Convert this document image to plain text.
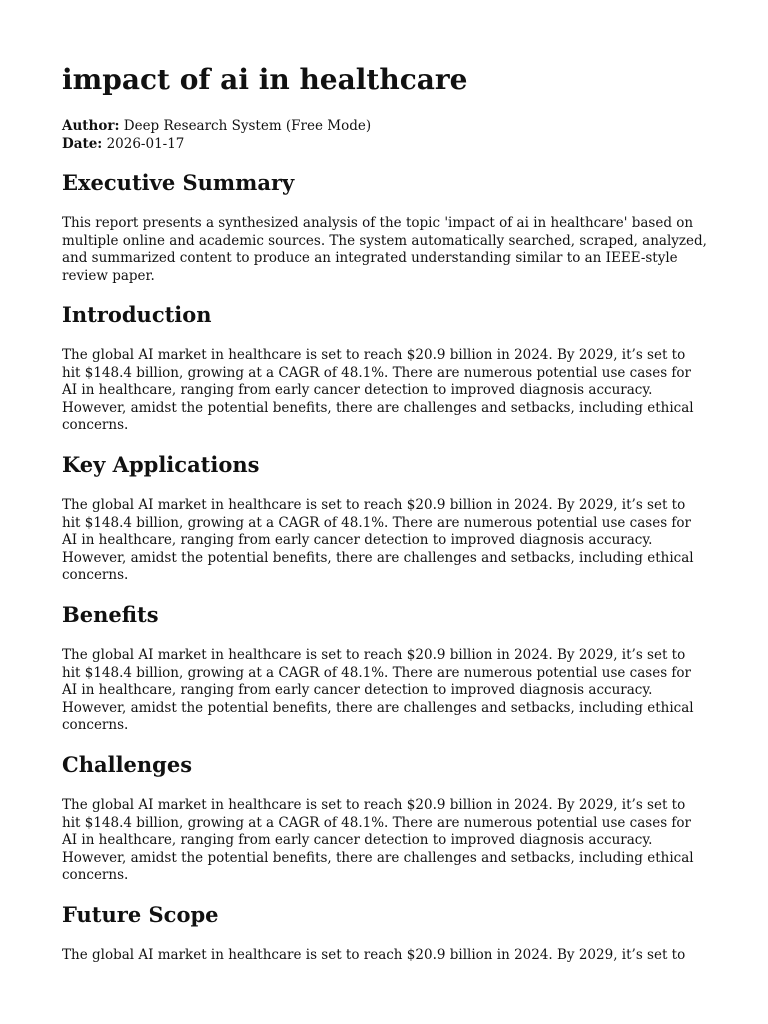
impact of ai in healthcare
Author: Deep Research System (Free Mode)
Date: 2026-01-17
Executive Summary

This report presents a synthesized analysis of the topic 'impact of ai in healthcare' based on
multiple online and academic sources. The system automatically searched, scraped, analyzed,
and summarized content to produce an integrated understanding similar to an IEEE-style
review paper.

Introduction

The global AI market in healthcare is set to reach $20.9 billion in 2024. By 2029, it’s set to
hit $148.4 billion, growing at a CAGR of 48.1%. There are numerous potential use cases for
AI in healthcare, ranging from early cancer detection to improved diagnosis accuracy.
However, amidst the potential benefits, there are challenges and setbacks, including ethical
concerns.

Key Applications

The global AI market in healthcare is set to reach $20.9 billion in 2024. By 2029, it’s set to
hit $148.4 billion, growing at a CAGR of 48.1%. There are numerous potential use cases for
AI in healthcare, ranging from early cancer detection to improved diagnosis accuracy.
However, amidst the potential benefits, there are challenges and setbacks, including ethical
concerns.

Benefits

The global AI market in healthcare is set to reach $20.9 billion in 2024. By 2029, it’s set to
hit $148.4 billion, growing at a CAGR of 48.1%. There are numerous potential use cases for
AI in healthcare, ranging from early cancer detection to improved diagnosis accuracy.
However, amidst the potential benefits, there are challenges and setbacks, including ethical
concerns.

Challenges

The global AI market in healthcare is set to reach $20.9 billion in 2024. By 2029, it’s set to
hit $148.4 billion, growing at a CAGR of 48.1%. There are numerous potential use cases for
AI in healthcare, ranging from early cancer detection to improved diagnosis accuracy.
However, amidst the potential benefits, there are challenges and setbacks, including ethical
concerns.

Future Scope

The global AI market in healthcare is set to reach $20.9 billion in 2024. By 2029, it’s set to
